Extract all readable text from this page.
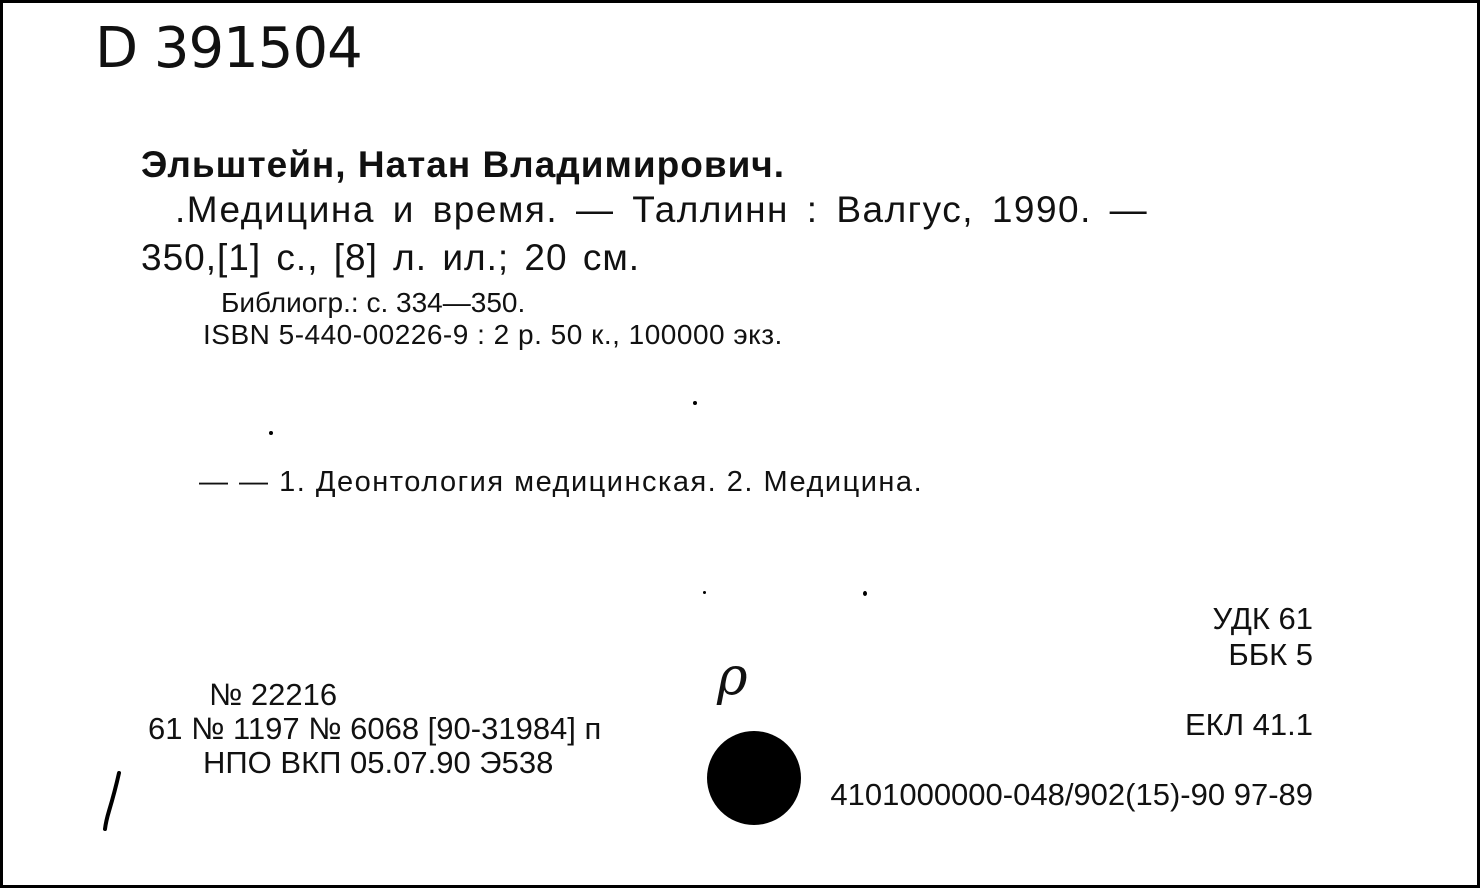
D 391504
Эльштейн, Натан Владимирович.
.Медицина и время. — Таллинн : Валгус, 1990. —
350,[1] с., [8] л. ил.; 20 см.
Библиогр.: с. 334—350.
ISBN 5-440-00226-9 : 2 р. 50 к., 100000 экз.
— — 1. Деонтология медицинская. 2. Медицина.
УДК 61
ББК 5
ЕКЛ 41.1
№ 22216
61 № 1197 № 6068 [90-31984] п
НПО ВКП 05.07.90 Э538
ρ
4101000000-048/902(15)-90 97-89
